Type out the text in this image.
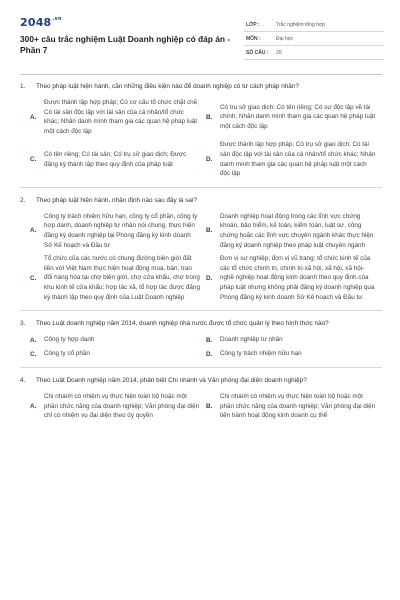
$2048^{.vn}$
300+ câu trắc nghiệm Luật Doanh nghiệp có đáp án - Phần 7
LỚP :	Trắc nghiệm tổng hợp
MÔN :	Đại học
SỐ CÂU : 20
1. Theo pháp luật hiện hành, cần những điều kiện nào để doanh nghiệp có tư cách pháp nhân?
A.
Được thành lập hợp pháp; Có cơ cấu tổ chức chặt chẽ; Có tài sản độc lập với tài sản của cá nhân/tổ chức khác; Nhân danh mình tham gia các quan hệ pháp luật một cách độc lập
B.
Có trụ sở giao dịch; Có tên riêng; Có sự độc lập về tài chính; Nhân danh mình tham gia các quan hệ pháp luật một cách độc lập
C.
Có tên riêng; Có tài sản; Có trụ sở giao dịch; Được đăng ký thành lập theo quy định của pháp luật
D.
Được thành lập hợp pháp; Có trụ sở giao dịch; Có tài sản độc lập với tài sản của cá nhân/tổ chức khác; Nhân danh mình tham gia các quan hệ pháp luật một cách độc lập
2. Theo pháp luật hiện hành, nhận định nào sau đây là sai?
A.
Công ty trách nhiệm hữu hạn, công ty cổ phần, công ty hợp danh, doanh nghiệp tư nhân nói chung, thực hiện đăng ký doanh nghiệp tại Phòng đăng ký kinh doanh Sở Kế hoạch và Đầu tư
B.
Doanh nghiệp hoạt động trong các lĩnh vực chứng khoán, bảo hiểm, kế toán, kiểm toán, luật sư, công chứng hoặc các lĩnh vực chuyên ngành khác thực hiện đăng ký doanh nghiệp theo pháp luật chuyên ngành
C.
Tổ chức của các nước có chung đường biên giới đất liền với Việt Nam thực hiện hoạt động mua, bán, trao đổi hàng hóa tại chợ biên giới, chợ cửa khẩu, chợ trong khu kinh tế cửa khẩu; hợp tác xã, tổ hợp tác được đăng ký thành lập theo quy định của Luật Doanh nghiệp
D.
Đơn vị sự nghiệp; đơn vị vũ trang; tổ chức kinh tế của các tổ chức chính trị, chính trị-xã hội, xã hội, xã hội-nghề nghiệp hoạt động kinh doanh theo quy định của pháp luật nhưng không phải đăng ký doanh nghiệp qua Phòng đăng ký kinh doanh Sở Kế hoạch và Đầu tư
3. Theo Luật doanh nghiệp năm 2014, doanh nghiệp nhà nước được tổ chức quản lý theo hình thức nào?
A.	Công ty hợp danh	B.	Doanh nghiệp tư nhân
C.	Công ty cổ phần	D.	Công ty trách nhiệm hữu hạn
4. Theo Luật Doanh nghiệp năm 2014, phân biệt Chi nhánh và Văn phòng đại diện doanh nghiệp?
A.
Chi nhánh có nhiệm vụ thực hiện toàn bộ hoặc một phần chức năng của doanh nghiệp; Văn phòng đại diện chỉ có nhiệm vụ đại diện theo ủy quyền
B.
Chi nhánh có nhiệm vụ thực hiện toàn bộ hoặc một phần chức năng của doanh nghiệp; Văn phòng đại diện tiến hành hoạt động kinh doanh cụ thể
